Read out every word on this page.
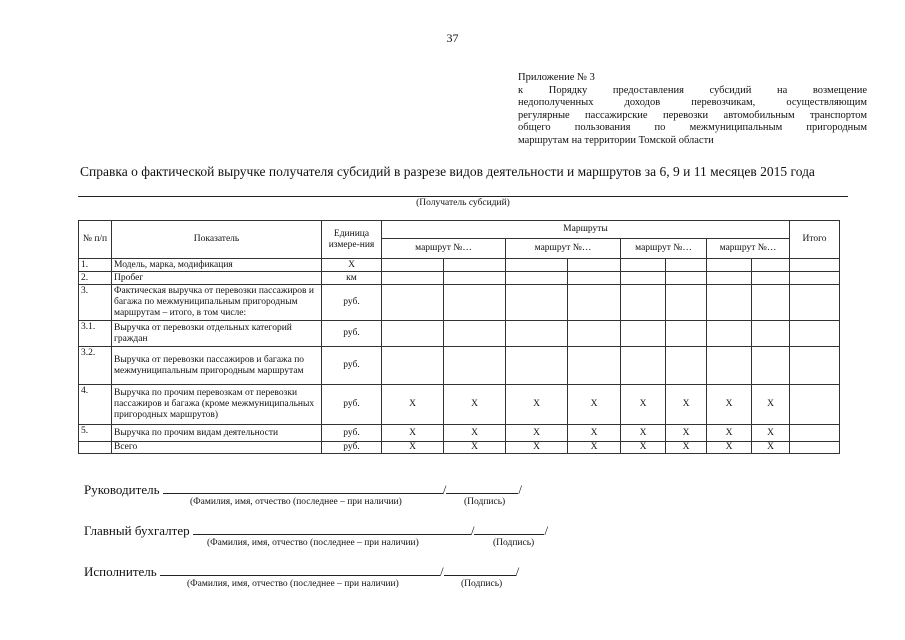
37
Приложение № 3
к Порядку предоставления субсидий на возмещение
недополученных доходов перевозчикам, осуществляющим
регулярные пассажирские перевозки автомобильным транспортом
общего пользования по межмуниципальным пригородным
маршрутам на территории Томской области
Справка о фактической выручке получателя субсидий в разрезе видов деятельности и маршрутов за 6, 9 и 11 месяцев 2015 года
(Получатель субсидий)
№ п/п	Показатель	Единица измере-ния	Маршруты								Итого
			маршрут №…		маршрут №…		маршрут №…		маршрут №…		
1.	Модель, марка, модификация	Х									
2.	Пробег	км									
3.	Фактическая выручка от перевозки пассажиров и багажа по межмуниципальным пригородным маршрутам – итого, в том числе:	руб.									
3.1.	Выручка от перевозки отдельных категорий граждан	руб.									
3.2.	Выручка от перевозки пассажиров и багажа по межмуниципальным пригородным маршрутам	руб.									
4.	Выручка по прочим перевозкам от перевозки пассажиров и багажа (кроме межмуниципальных пригородных маршрутов)	руб.	Х	Х	Х	Х	Х	Х	Х	Х	
5.	Выручка по прочим видам деятельности	руб.	Х	Х	Х	Х	Х	Х	Х	Х	
	Всего	руб.	Х	Х	Х	Х	Х	Х	Х	Х	
Руководитель	/	/
(Фамилия, имя, отчество (последнее – при наличии)	(Подпись)
Главный бухгалтер	/	/
(Фамилия, имя, отчество (последнее – при наличии)	(Подпись)
Исполнитель	/	/
(Фамилия, имя, отчество (последнее – при наличии)	(Подпись)
